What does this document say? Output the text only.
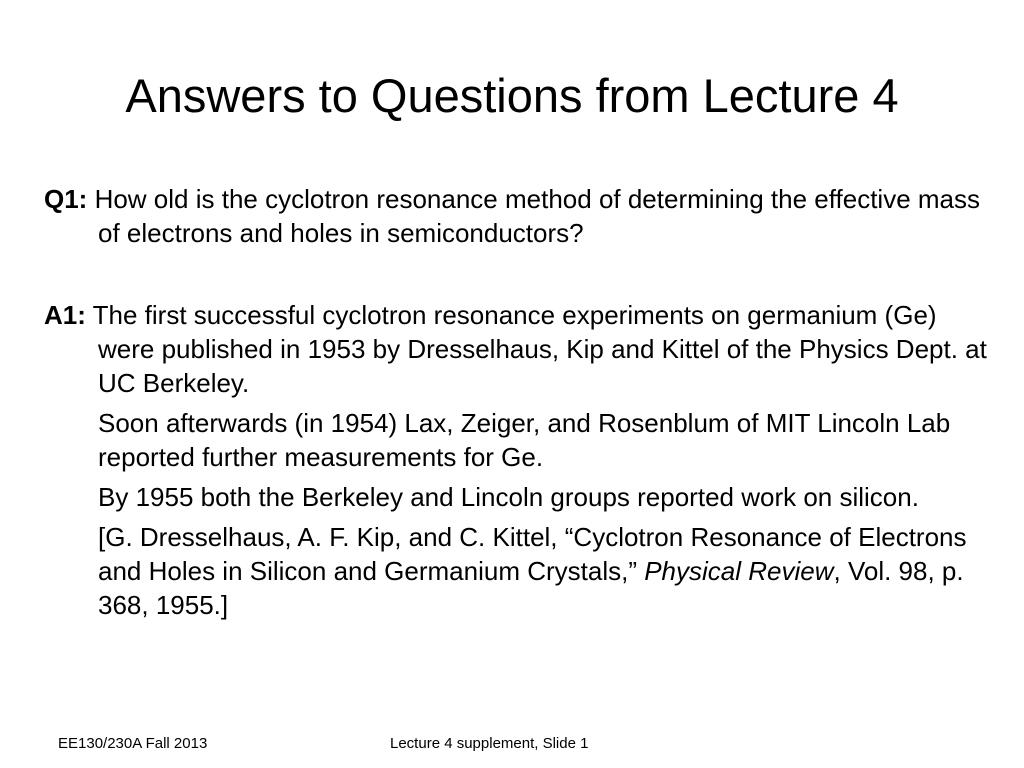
Answers to Questions from Lecture 4
Q1: How old is the cyclotron resonance method of determining the effective mass of electrons and holes in semiconductors?
A1: The first successful cyclotron resonance experiments on germanium (Ge) were published in 1953 by Dresselhaus, Kip and Kittel of the Physics Dept. at UC Berkeley.
Soon afterwards (in 1954) Lax, Zeiger, and Rosenblum of MIT Lincoln Lab reported further measurements for Ge.
By 1955 both the Berkeley and Lincoln groups reported work on silicon.
[G. Dresselhaus, A. F. Kip, and C. Kittel, “Cyclotron Resonance of Electrons and Holes in Silicon and Germanium Crystals,” Physical Review, Vol. 98, p. 368, 1955.]
EE130/230A Fall 2013	Lecture 4 supplement, Slide 1
